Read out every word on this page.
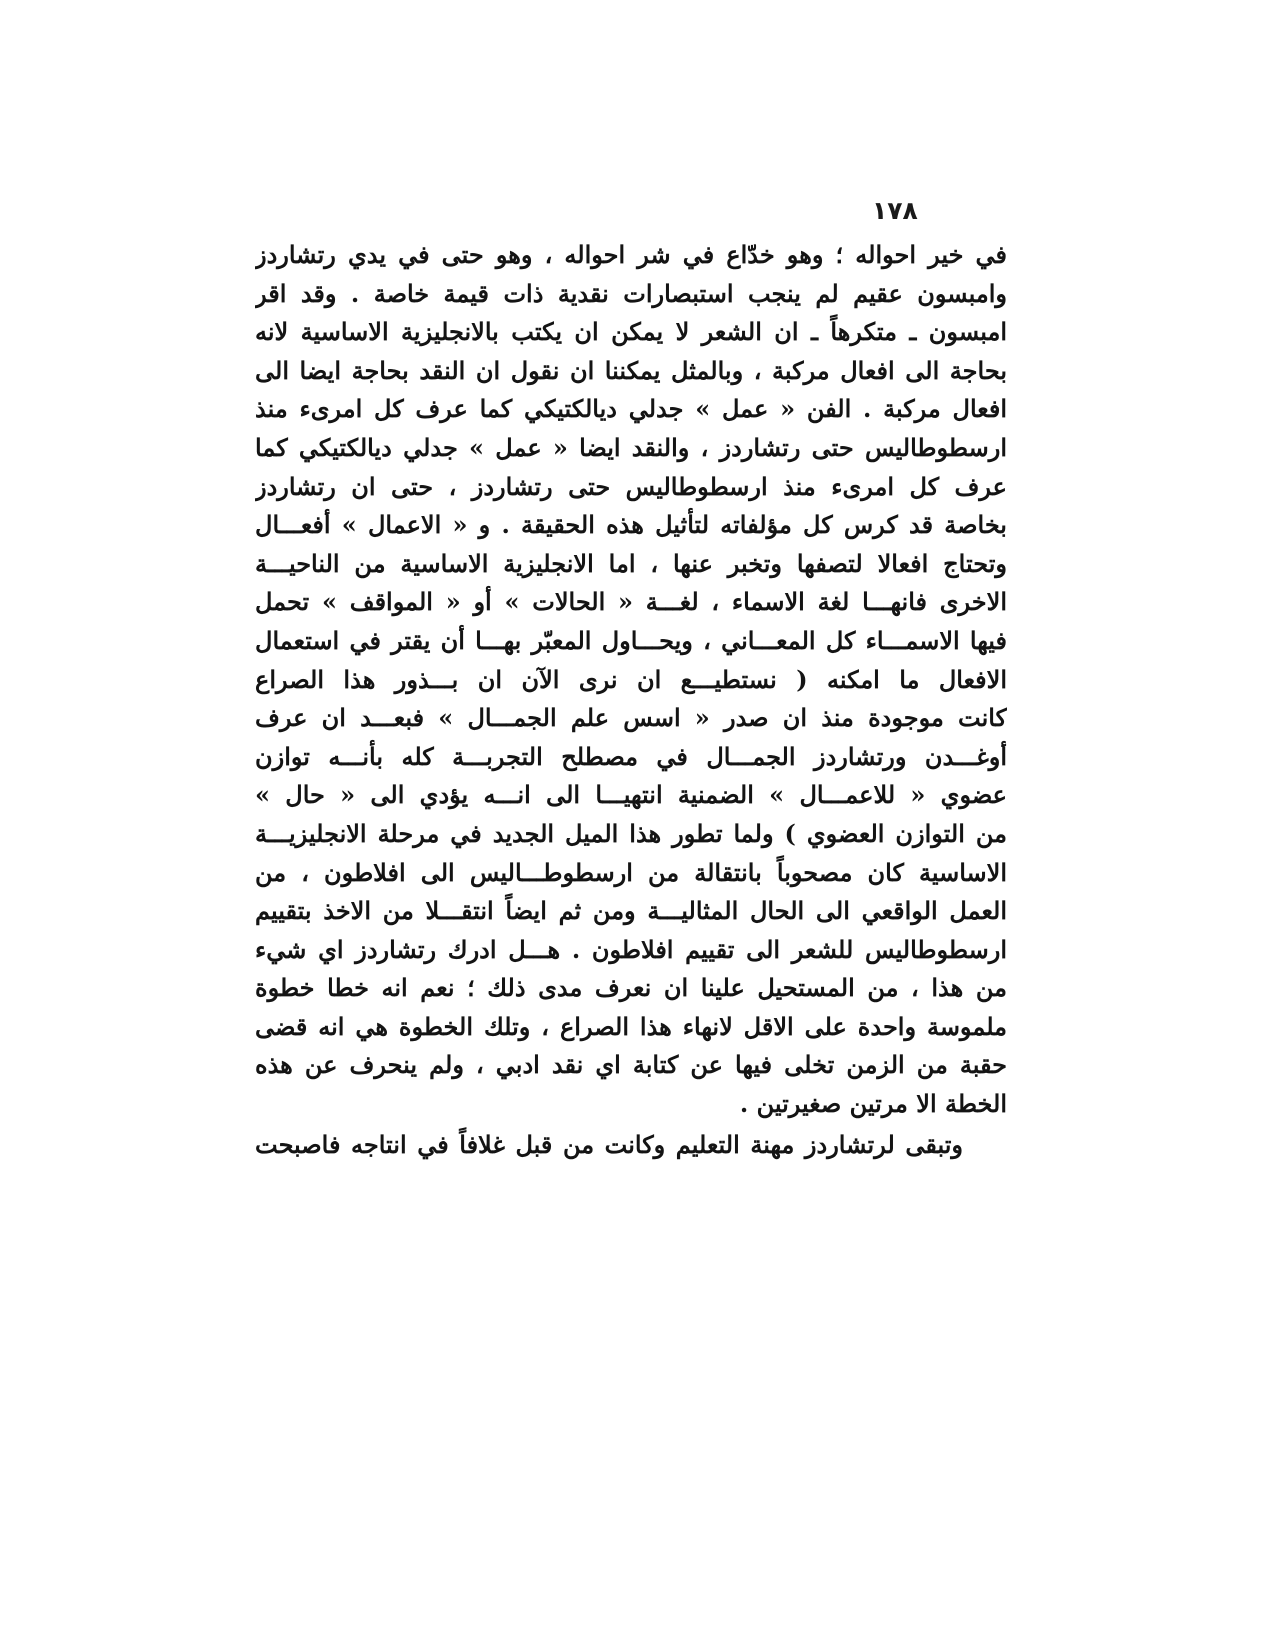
١٧٨
في خير احواله ؛ وهو خدّاع في شر احواله ، وهو حتى في يدي رتشاردز
وامبسون عقيم لم ينجب استبصارات نقدية ذات قيمة خاصة . وقد اقر
امبسون ـ متكرهاً ـ ان الشعر لا يمكن ان يكتب بالانجليزية الاساسية لانه
بحاجة الى افعال مركبة ، وبالمثل يمكننا ان نقول ان النقد بحاجة ايضا الى
افعال مركبة . الفن « عمل » جدلي ديالكتيكي كما عرف كل امرىء منذ
ارسطوطاليس حتى رتشاردز ، والنقد ايضا « عمل » جدلي ديالكتيكي كما
عرف كل امرىء منذ ارسطوطاليس حتى رتشاردز ، حتى ان رتشاردز
بخاصة قد كرس كل مؤلفاته لتأثيل هذه الحقيقة . و « الاعمال » أفعـــال
وتحتاج افعالا لتصفها وتخبر عنها ، اما الانجليزية الاساسية من الناحيـــة
الاخرى فانهـــا لغة الاسماء ، لغـــة « الحالات » أو « المواقف » تحمل
فيها الاسمـــاء كل المعـــاني ، ويحـــاول المعبّر بهـــا أن يقتر في استعمال
الافعال ما امكنه ( نستطيـــع ان نرى الآن ان بـــذور هذا الصراع
كانت موجودة منذ ان صدر « اسس علم الجمـــال » فبعـــد ان عرف
أوغـــدن ورتشاردز الجمـــال في مصطلح التجربـــة كله بأنـــه توازن
عضوي « للاعمـــال » الضمنية انتهيـــا الى انـــه يؤدي الى « حال »
من التوازن العضوي ) ولما تطور هذا الميل الجديد في مرحلة الانجليزيـــة
الاساسية كان مصحوباً بانتقالة من ارسطوطـــاليس الى افلاطون ، من
العمل الواقعي الى الحال المثاليـــة ومن ثم ايضاً انتقـــلا من الاخذ بتقييم
ارسطوطاليس للشعر الى تقييم افلاطون . هـــل ادرك رتشاردز اي شيء
من هذا ، من المستحيل علينا ان نعرف مدى ذلك ؛ نعم انه خطا خطوة
ملموسة واحدة على الاقل لانهاء هذا الصراع ، وتلك الخطوة هي انه قضى
حقبة من الزمن تخلى فيها عن كتابة اي نقد ادبي ، ولم ينحرف عن هذه
الخطة الا مرتين صغيرتين .
وتبقى لرتشاردز مهنة التعليم وكانت من قبل غلافاً في انتاجه فاصبحت
